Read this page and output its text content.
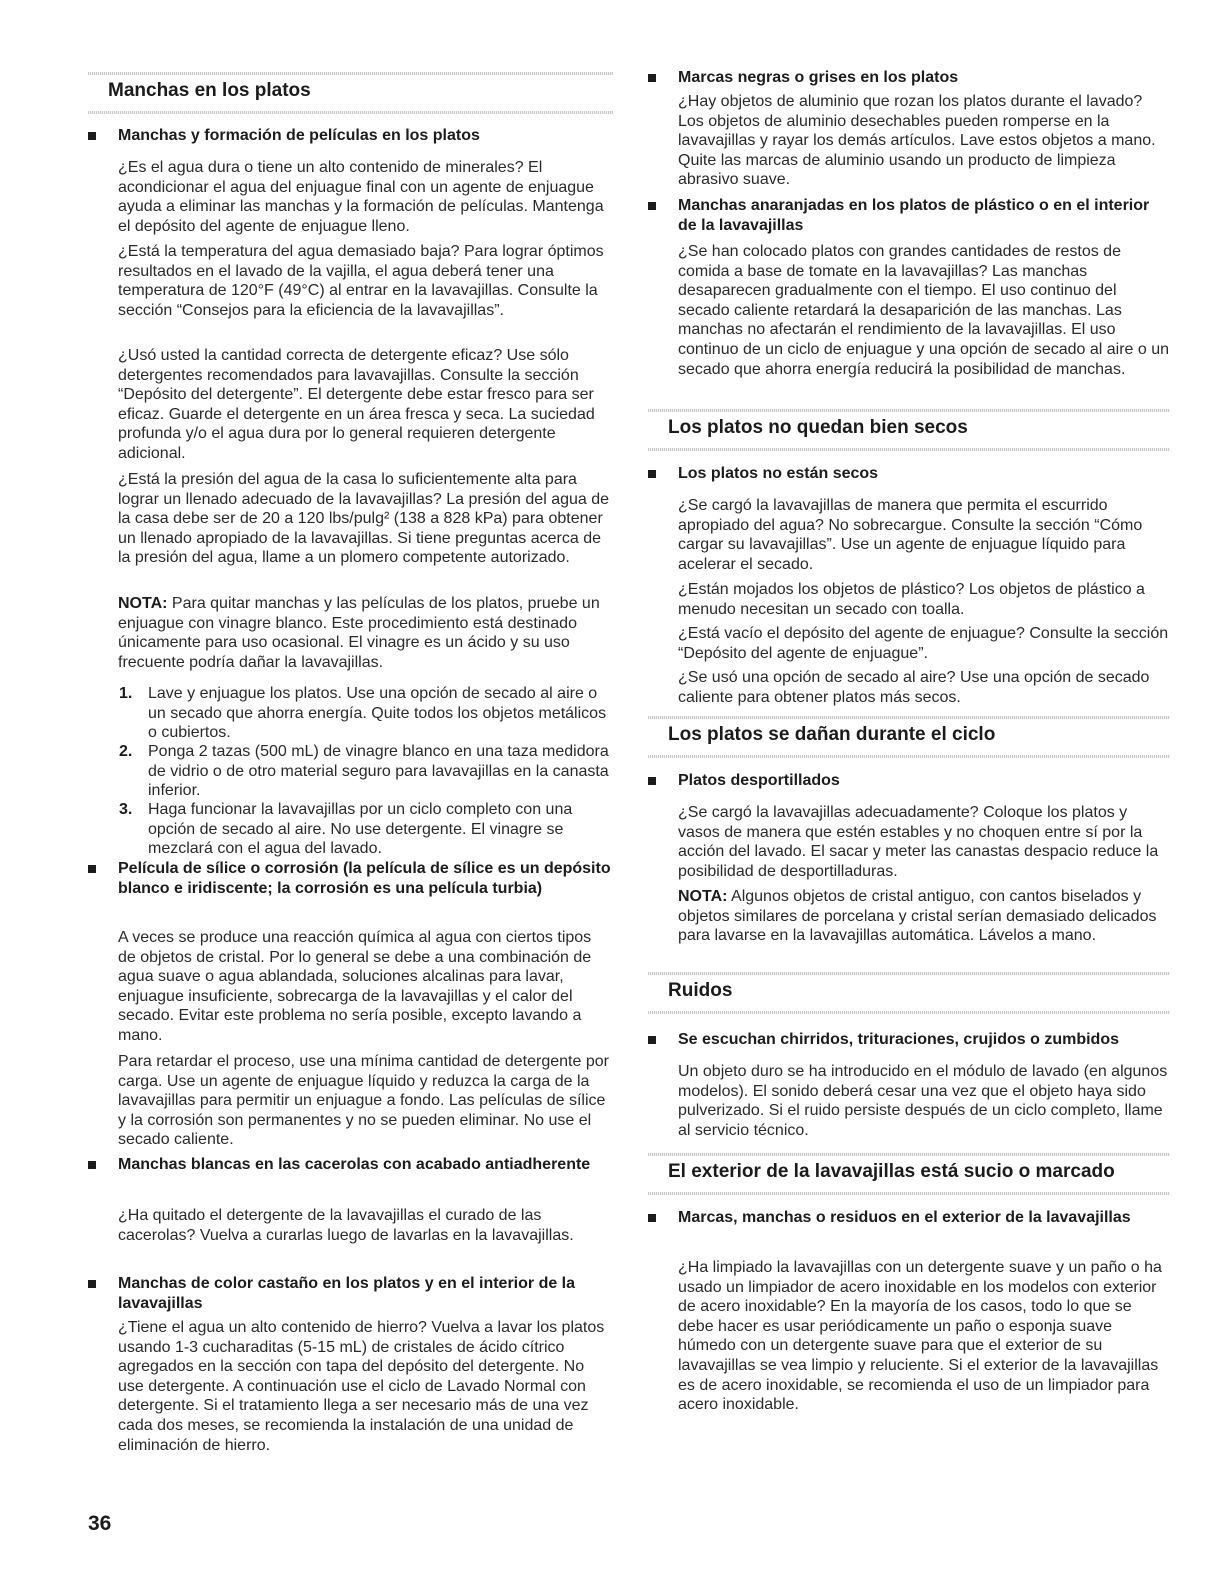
Manchas en los platos
Manchas y formación de películas en los platos
¿Es el agua dura o tiene un alto contenido de minerales? El acondicionar el agua del enjuague final con un agente de enjuague ayuda a eliminar las manchas y la formación de películas. Mantenga el depósito del agente de enjuague lleno.
¿Está la temperatura del agua demasiado baja? Para lograr óptimos resultados en el lavado de la vajilla, el agua deberá tener una temperatura de 120°F (49°C) al entrar en la lavavajillas. Consulte la sección “Consejos para la eficiencia de la lavavajillas”.
¿Usó usted la cantidad correcta de detergente eficaz? Use sólo detergentes recomendados para lavavajillas. Consulte la sección “Depósito del detergente”. El detergente debe estar fresco para ser eficaz. Guarde el detergente en un área fresca y seca. La suciedad profunda y/o el agua dura por lo general requieren detergente adicional.
¿Está la presión del agua de la casa lo suficientemente alta para lograr un llenado adecuado de la lavavajillas? La presión del agua de la casa debe ser de 20 a 120 lbs/pulg² (138 a 828 kPa) para obtener un llenado apropiado de la lavavajillas. Si tiene preguntas acerca de la presión del agua, llame a un plomero competente autorizado.
NOTA: Para quitar manchas y las películas de los platos, pruebe un enjuague con vinagre blanco. Este procedimiento está destinado únicamente para uso ocasional. El vinagre es un ácido y su uso frecuente podría dañar la lavavajillas.
1. Lave y enjuague los platos. Use una opción de secado al aire o un secado que ahorra energía. Quite todos los objetos metálicos o cubiertos.
2. Ponga 2 tazas (500 mL) de vinagre blanco en una taza medidora de vidrio o de otro material seguro para lavavajillas en la canasta inferior.
3. Haga funcionar la lavavajillas por un ciclo completo con una opción de secado al aire. No use detergente. El vinagre se mezclará con el agua del lavado.
Película de sílice o corrosión (la película de sílice es un depósito blanco e iridiscente; la corrosión es una película turbia)
A veces se produce una reacción química al agua con ciertos tipos de objetos de cristal. Por lo general se debe a una combinación de agua suave o agua ablandada, soluciones alcalinas para lavar, enjuague insuficiente, sobrecarga de la lavavajillas y el calor del secado. Evitar este problema no sería posible, excepto lavando a mano.
Para retardar el proceso, use una mínima cantidad de detergente por carga. Use un agente de enjuague líquido y reduzca la carga de la lavavajillas para permitir un enjuague a fondo. Las películas de sílice y la corrosión son permanentes y no se pueden eliminar. No use el secado caliente.
Manchas blancas en las cacerolas con acabado antiadherente
¿Ha quitado el detergente de la lavavajillas el curado de las cacerolas? Vuelva a curarlas luego de lavarlas en la lavavajillas.
Manchas de color castaño en los platos y en el interior de la lavavajillas
¿Tiene el agua un alto contenido de hierro? Vuelva a lavar los platos usando 1-3 cucharaditas (5-15 mL) de cristales de ácido cítrico agregados en la sección con tapa del depósito del detergente. No use detergente. A continuación use el ciclo de Lavado Normal con detergente. Si el tratamiento llega a ser necesario más de una vez cada dos meses, se recomienda la instalación de una unidad de eliminación de hierro.
Marcas negras o grises en los platos
¿Hay objetos de aluminio que rozan los platos durante el lavado? Los objetos de aluminio desechables pueden romperse en la lavavajillas y rayar los demás artículos. Lave estos objetos a mano. Quite las marcas de aluminio usando un producto de limpieza abrasivo suave.
Manchas anaranjadas en los platos de plástico o en el interior de la lavavajillas
¿Se han colocado platos con grandes cantidades de restos de comida a base de tomate en la lavavajillas? Las manchas desaparecen gradualmente con el tiempo. El uso continuo del secado caliente retardará la desaparición de las manchas. Las manchas no afectarán el rendimiento de la lavavajillas. El uso continuo de un ciclo de enjuague y una opción de secado al aire o un secado que ahorra energía reducirá la posibilidad de manchas.
Los platos no quedan bien secos
Los platos no están secos
¿Se cargó la lavavajillas de manera que permita el escurrido apropiado del agua? No sobrecargue. Consulte la sección “Cómo cargar su lavavajillas”. Use un agente de enjuague líquido para acelerar el secado.
¿Están mojados los objetos de plástico? Los objetos de plástico a menudo necesitan un secado con toalla.
¿Está vacío el depósito del agente de enjuague? Consulte la sección “Depósito del agente de enjuague”.
¿Se usó una opción de secado al aire? Use una opción de secado caliente para obtener platos más secos.
Los platos se dañan durante el ciclo
Platos desportillados
¿Se cargó la lavavajillas adecuadamente? Coloque los platos y vasos de manera que estén estables y no choquen entre sí por la acción del lavado. El sacar y meter las canastas despacio reduce la posibilidad de desportilladuras.
NOTA: Algunos objetos de cristal antiguo, con cantos biselados y objetos similares de porcelana y cristal serían demasiado delicados para lavarse en la lavavajillas automática. Lávelos a mano.
Ruidos
Se escuchan chirridos, trituraciones, crujidos o zumbidos
Un objeto duro se ha introducido en el módulo de lavado (en algunos modelos). El sonido deberá cesar una vez que el objeto haya sido pulverizado. Si el ruido persiste después de un ciclo completo, llame al servicio técnico.
El exterior de la lavavajillas está sucio o marcado
Marcas, manchas o residuos en el exterior de la lavavajillas
¿Ha limpiado la lavavajillas con un detergente suave y un paño o ha usado un limpiador de acero inoxidable en los modelos con exterior de acero inoxidable? En la mayoría de los casos, todo lo que se debe hacer es usar periódicamente un paño o esponja suave húmedo con un detergente suave para que el exterior de su lavavajillas se vea limpio y reluciente. Si el exterior de la lavavajillas es de acero inoxidable, se recomienda el uso de un limpiador para acero inoxidable.
36
